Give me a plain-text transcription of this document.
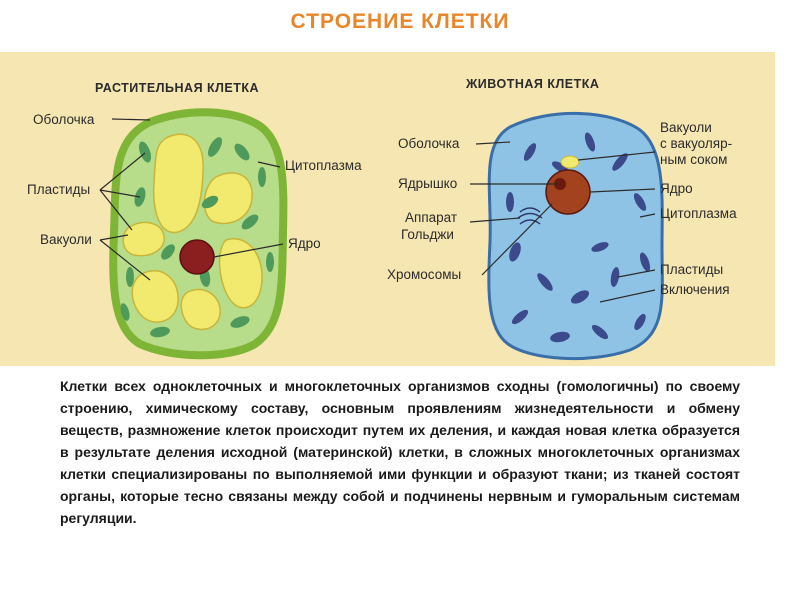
СТРОЕНИЕ КЛЕТКИ
РАСТИТЕЛЬНАЯ КЛЕТКА	ЖИВОТНАЯ КЛЕТКА
Оболочка
Пластиды
Вакуоли
Цитоплазма
Ядро
Оболочка
Ядрышко
Аппарат
Гольджи
Хромосомы
Вакуоли
с вакуоляр-
ным соком
Ядро
Цитоплазма
Пластиды
Включения
Клетки всех одноклеточных и многоклеточных организмов сходны (гомологичны) по своему строению, химическому составу, основным проявлениям жизнедеятельности и обмену веществ, размножение клеток происходит путем их деления, и каждая новая клетка образуется в результате деления исходной (материнской) клетки, в сложных многоклеточных организмах клетки специализированы по выполняемой ими функции и образуют ткани; из тканей состоят органы, которые тесно связаны между собой и подчинены нервным и гуморальным системам регуляции.
